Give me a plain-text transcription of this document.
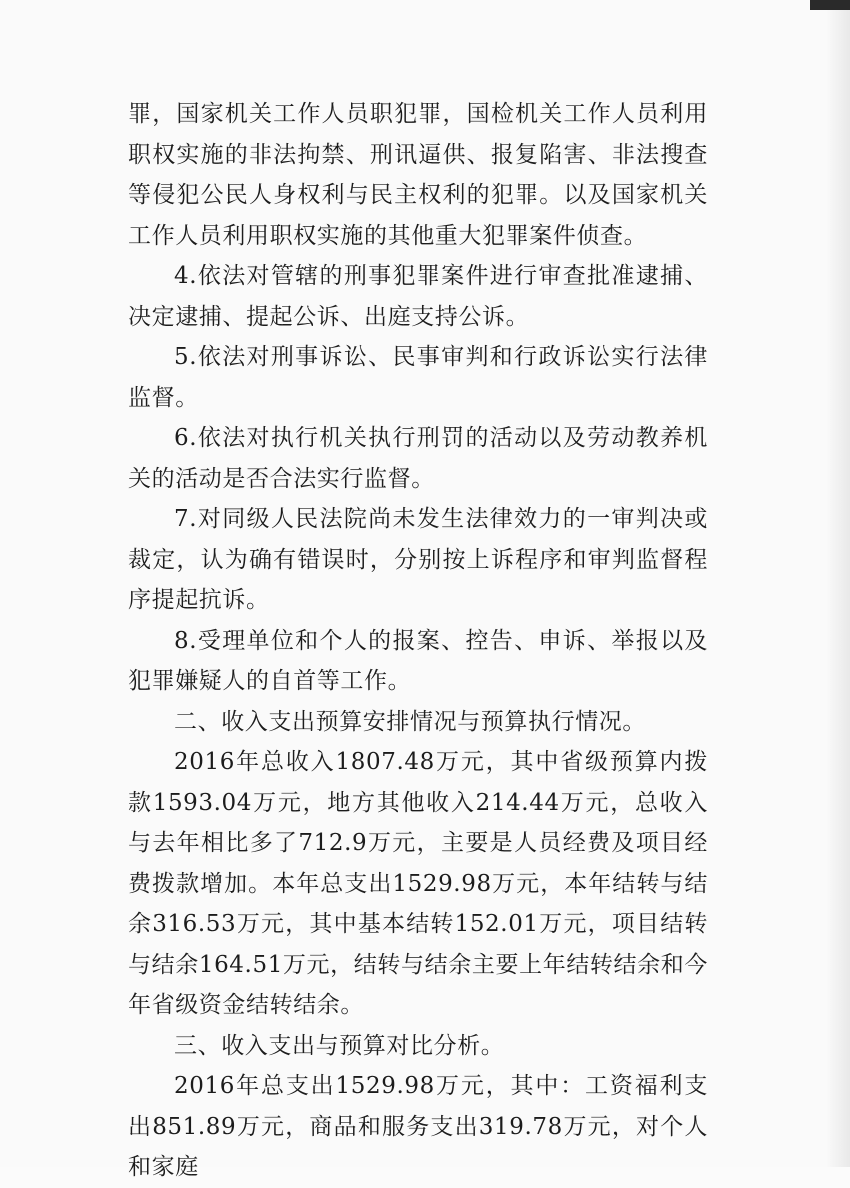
罪，国家机关工作人员职犯罪，国检机关工作人员利用职权实施的非法拘禁、刑讯逼供、报复陷害、非法搜查等侵犯公民人身权利与民主权利的犯罪。以及国家机关工作人员利用职权实施的其他重大犯罪案件侦查。

4.依法对管辖的刑事犯罪案件进行审查批准逮捕、决定逮捕、提起公诉、出庭支持公诉。

5.依法对刑事诉讼、民事审判和行政诉讼实行法律监督。

6.依法对执行机关执行刑罚的活动以及劳动教养机关的活动是否合法实行监督。

7.对同级人民法院尚未发生法律效力的一审判决或裁定，认为确有错误时，分别按上诉程序和审判监督程序提起抗诉。

8.受理单位和个人的报案、控告、申诉、举报以及犯罪嫌疑人的自首等工作。

二、收入支出预算安排情况与预算执行情况。

2016年总收入1807.48万元，其中省级预算内拨款1593.04万元，地方其他收入214.44万元，总收入与去年相比多了712.9万元，主要是人员经费及项目经费拨款增加。本年总支出1529.98万元，本年结转与结余316.53万元，其中基本结转152.01万元，项目结转与结余164.51万元，结转与结余主要上年结转结余和今年省级资金结转结余。

三、收入支出与预算对比分析。

2016年总支出1529.98万元，其中：工资福利支出851.89万元，商品和服务支出319.78万元，对个人和家庭
